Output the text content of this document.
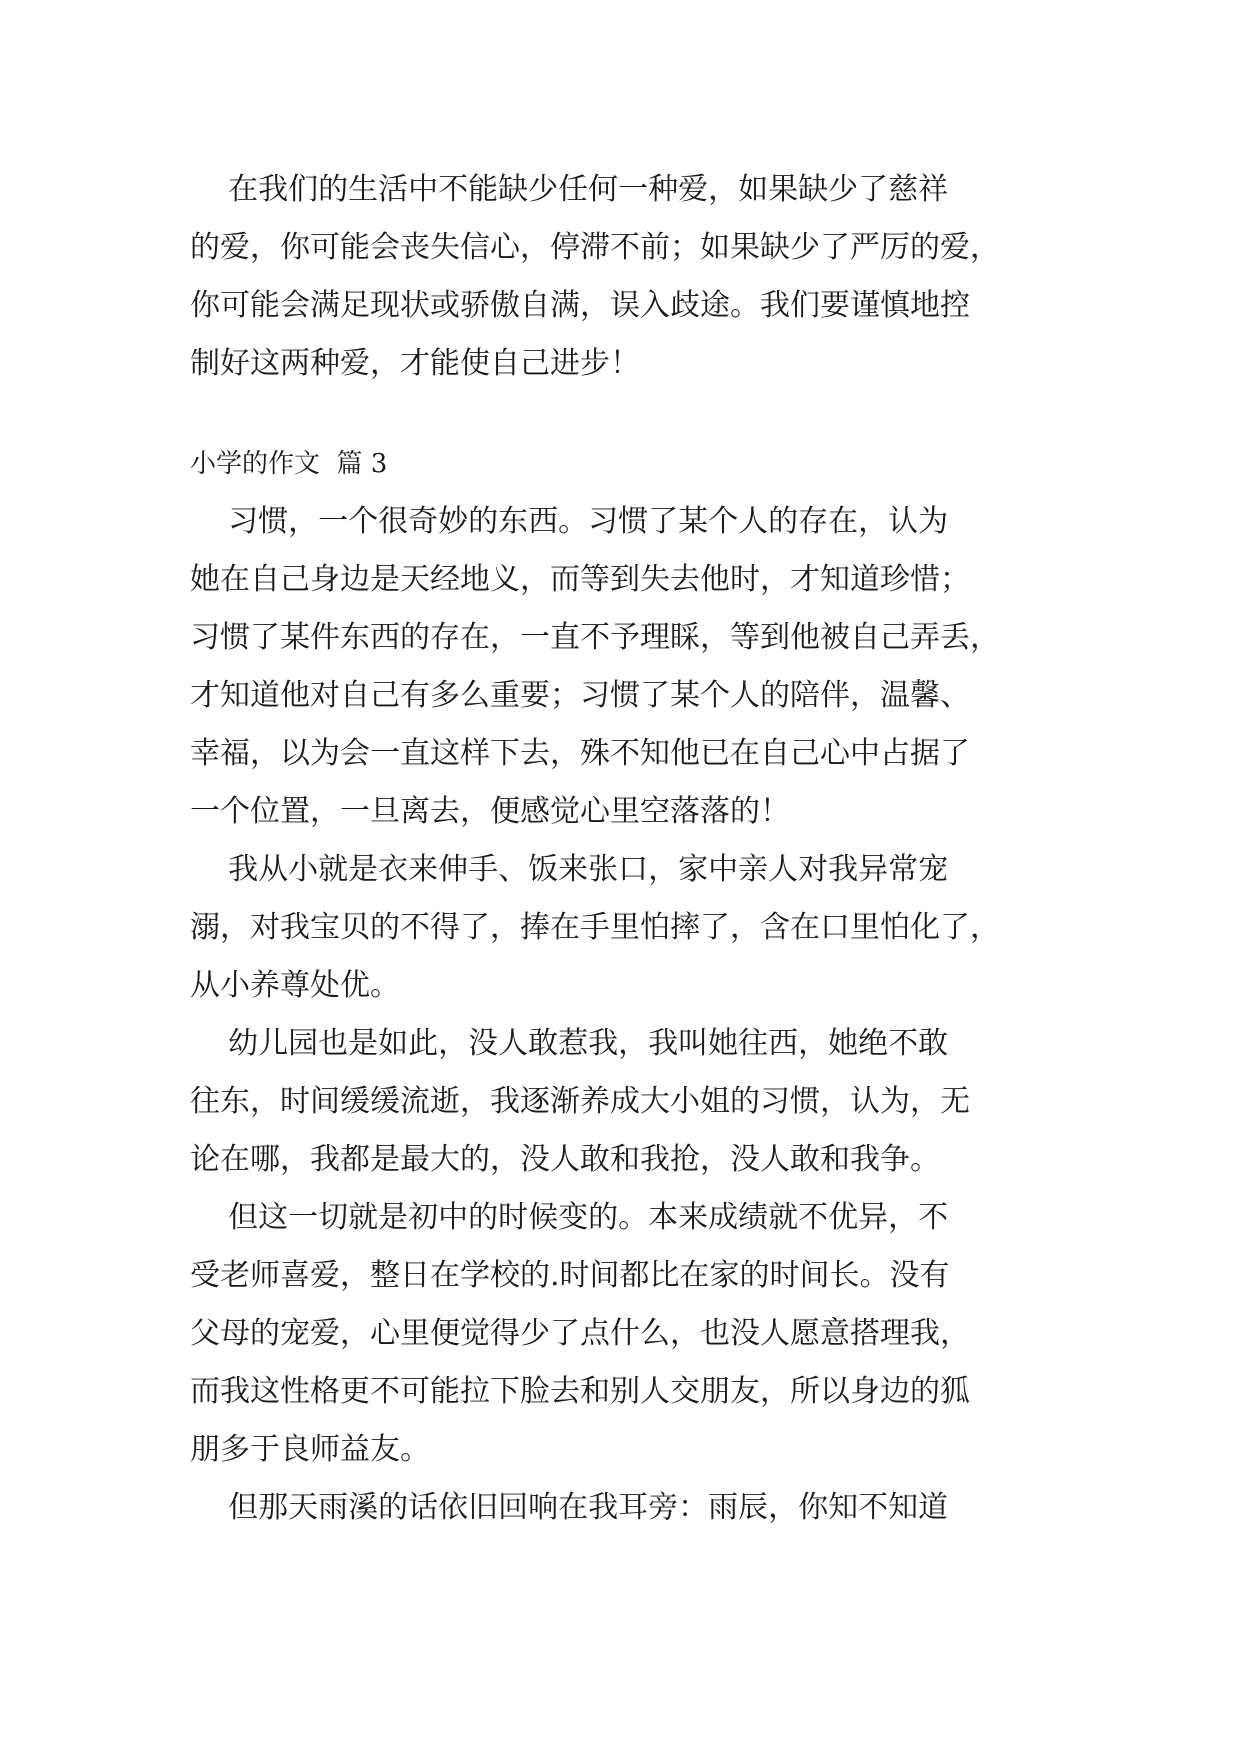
在我们的生活中不能缺少任何一种爱，如果缺少了慈祥
的爱，你可能会丧失信心，停滞不前；如果缺少了严厉的爱，
你可能会满足现状或骄傲自满，误入歧途。我们要谨慎地控
制好这两种爱，才能使自己进步！
小学的作文  篇 3
习惯，一个很奇妙的东西。习惯了某个人的存在，认为
她在自己身边是天经地义，而等到失去他时，才知道珍惜；
习惯了某件东西的存在，一直不予理睬，等到他被自己弄丢，
才知道他对自己有多么重要；习惯了某个人的陪伴，温馨、
幸福，以为会一直这样下去，殊不知他已在自己心中占据了
一个位置，一旦离去，便感觉心里空落落的！
我从小就是衣来伸手、饭来张口，家中亲人对我异常宠
溺，对我宝贝的不得了，捧在手里怕摔了，含在口里怕化了，
从小养尊处优。
幼儿园也是如此，没人敢惹我，我叫她往西，她绝不敢
往东，时间缓缓流逝，我逐渐养成大小姐的习惯，认为，无
论在哪，我都是最大的，没人敢和我抢，没人敢和我争。
但这一切就是初中的时候变的。本来成绩就不优异，不
受老师喜爱，整日在学校的.时间都比在家的时间长。没有
父母的宠爱，心里便觉得少了点什么，也没人愿意搭理我，
而我这性格更不可能拉下脸去和别人交朋友，所以身边的狐
朋多于良师益友。
但那天雨溪的话依旧回响在我耳旁：雨辰，你知不知道
